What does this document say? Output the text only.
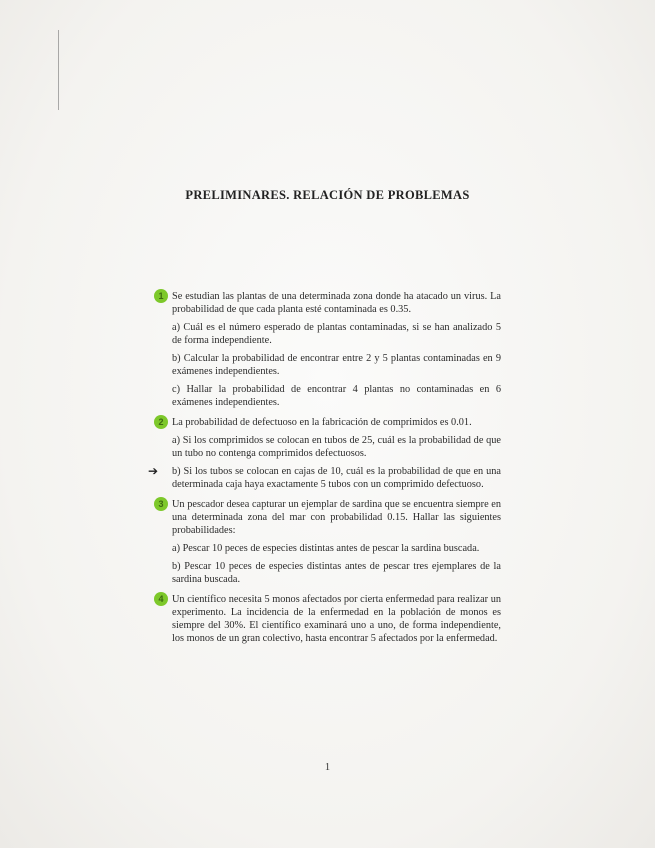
PRELIMINARES. RELACIÓN DE PROBLEMAS
1 Se estudian las plantas de una determinada zona donde ha atacado un virus. La probabilidad de que cada planta esté contaminada es 0.35.

a) Cuál es el número esperado de plantas contaminadas, si se han analizado 5 de forma independiente.

b) Calcular la probabilidad de encontrar entre 2 y 5 plantas contaminadas en 9 exámenes independientes.

c) Hallar la probabilidad de encontrar 4 plantas no contaminadas en 6 exámenes independientes.

2 La probabilidad de defectuoso en la fabricación de comprimidos es 0.01.

a) Si los comprimidos se colocan en tubos de 25, cuál es la probabilidad de que un tubo no contenga comprimidos defectuosos.

➔	b) Si los tubos se colocan en cajas de 10, cuál es la probabilidad de que en una determinada caja haya exactamente 5 tubos con un comprimido defectuoso.

3 Un pescador desea capturar un ejemplar de sardina que se encuentra siempre en una determinada zona del mar con probabilidad 0.15. Hallar las siguientes probabilidades:

a) Pescar 10 peces de especies distintas antes de pescar la sardina buscada.

b) Pescar 10 peces de especies distintas antes de pescar tres ejemplares de la sardina buscada.

4 Un científico necesita 5 monos afectados por cierta enfermedad para realizar un experimento. La incidencia de la enfermedad en la población de monos es siempre del 30%. El científico examinará uno a uno, de forma independiente, los monos de un gran colectivo, hasta encontrar 5 afectados por la enfermedad.

1
